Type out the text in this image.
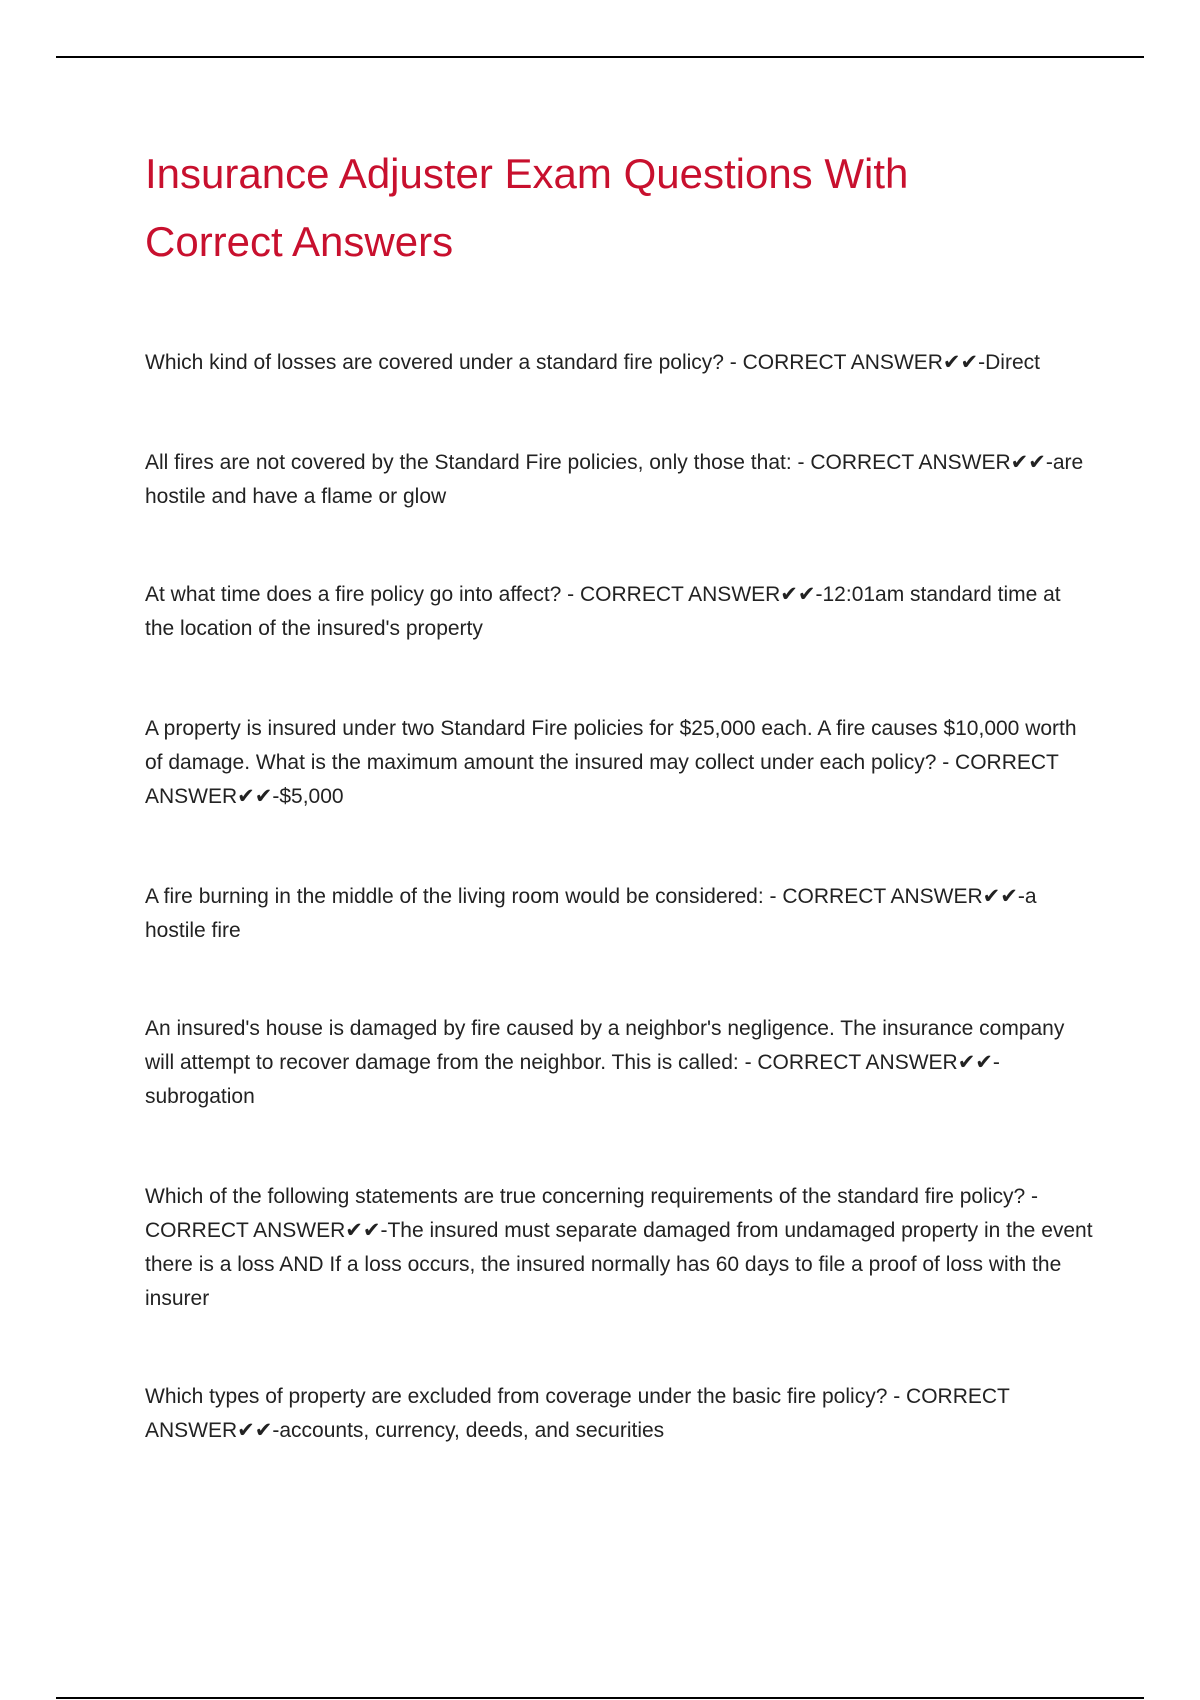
Insurance Adjuster Exam Questions With Correct Answers

Which kind of losses are covered under a standard fire policy? - CORRECT ANSWER✔✔-Direct

All fires are not covered by the Standard Fire policies, only those that: - CORRECT ANSWER✔✔-are hostile and have a flame or glow

At what time does a fire policy go into affect? - CORRECT ANSWER✔✔-12:01am standard time at the location of the insured's property

A property is insured under two Standard Fire policies for $25,000 each. A fire causes $10,000 worth of damage. What is the maximum amount the insured may collect under each policy? - CORRECT ANSWER✔✔-$5,000

A fire burning in the middle of the living room would be considered: - CORRECT ANSWER✔✔-a hostile fire

An insured's house is damaged by fire caused by a neighbor's negligence. The insurance company will attempt to recover damage from the neighbor. This is called: - CORRECT ANSWER✔✔-subrogation

Which of the following statements are true concerning requirements of the standard fire policy? - CORRECT ANSWER✔✔-The insured must separate damaged from undamaged property in the event there is a loss AND If a loss occurs, the insured normally has 60 days to file a proof of loss with the insurer

Which types of property are excluded from coverage under the basic fire policy? - CORRECT ANSWER✔✔-accounts, currency, deeds, and securities
